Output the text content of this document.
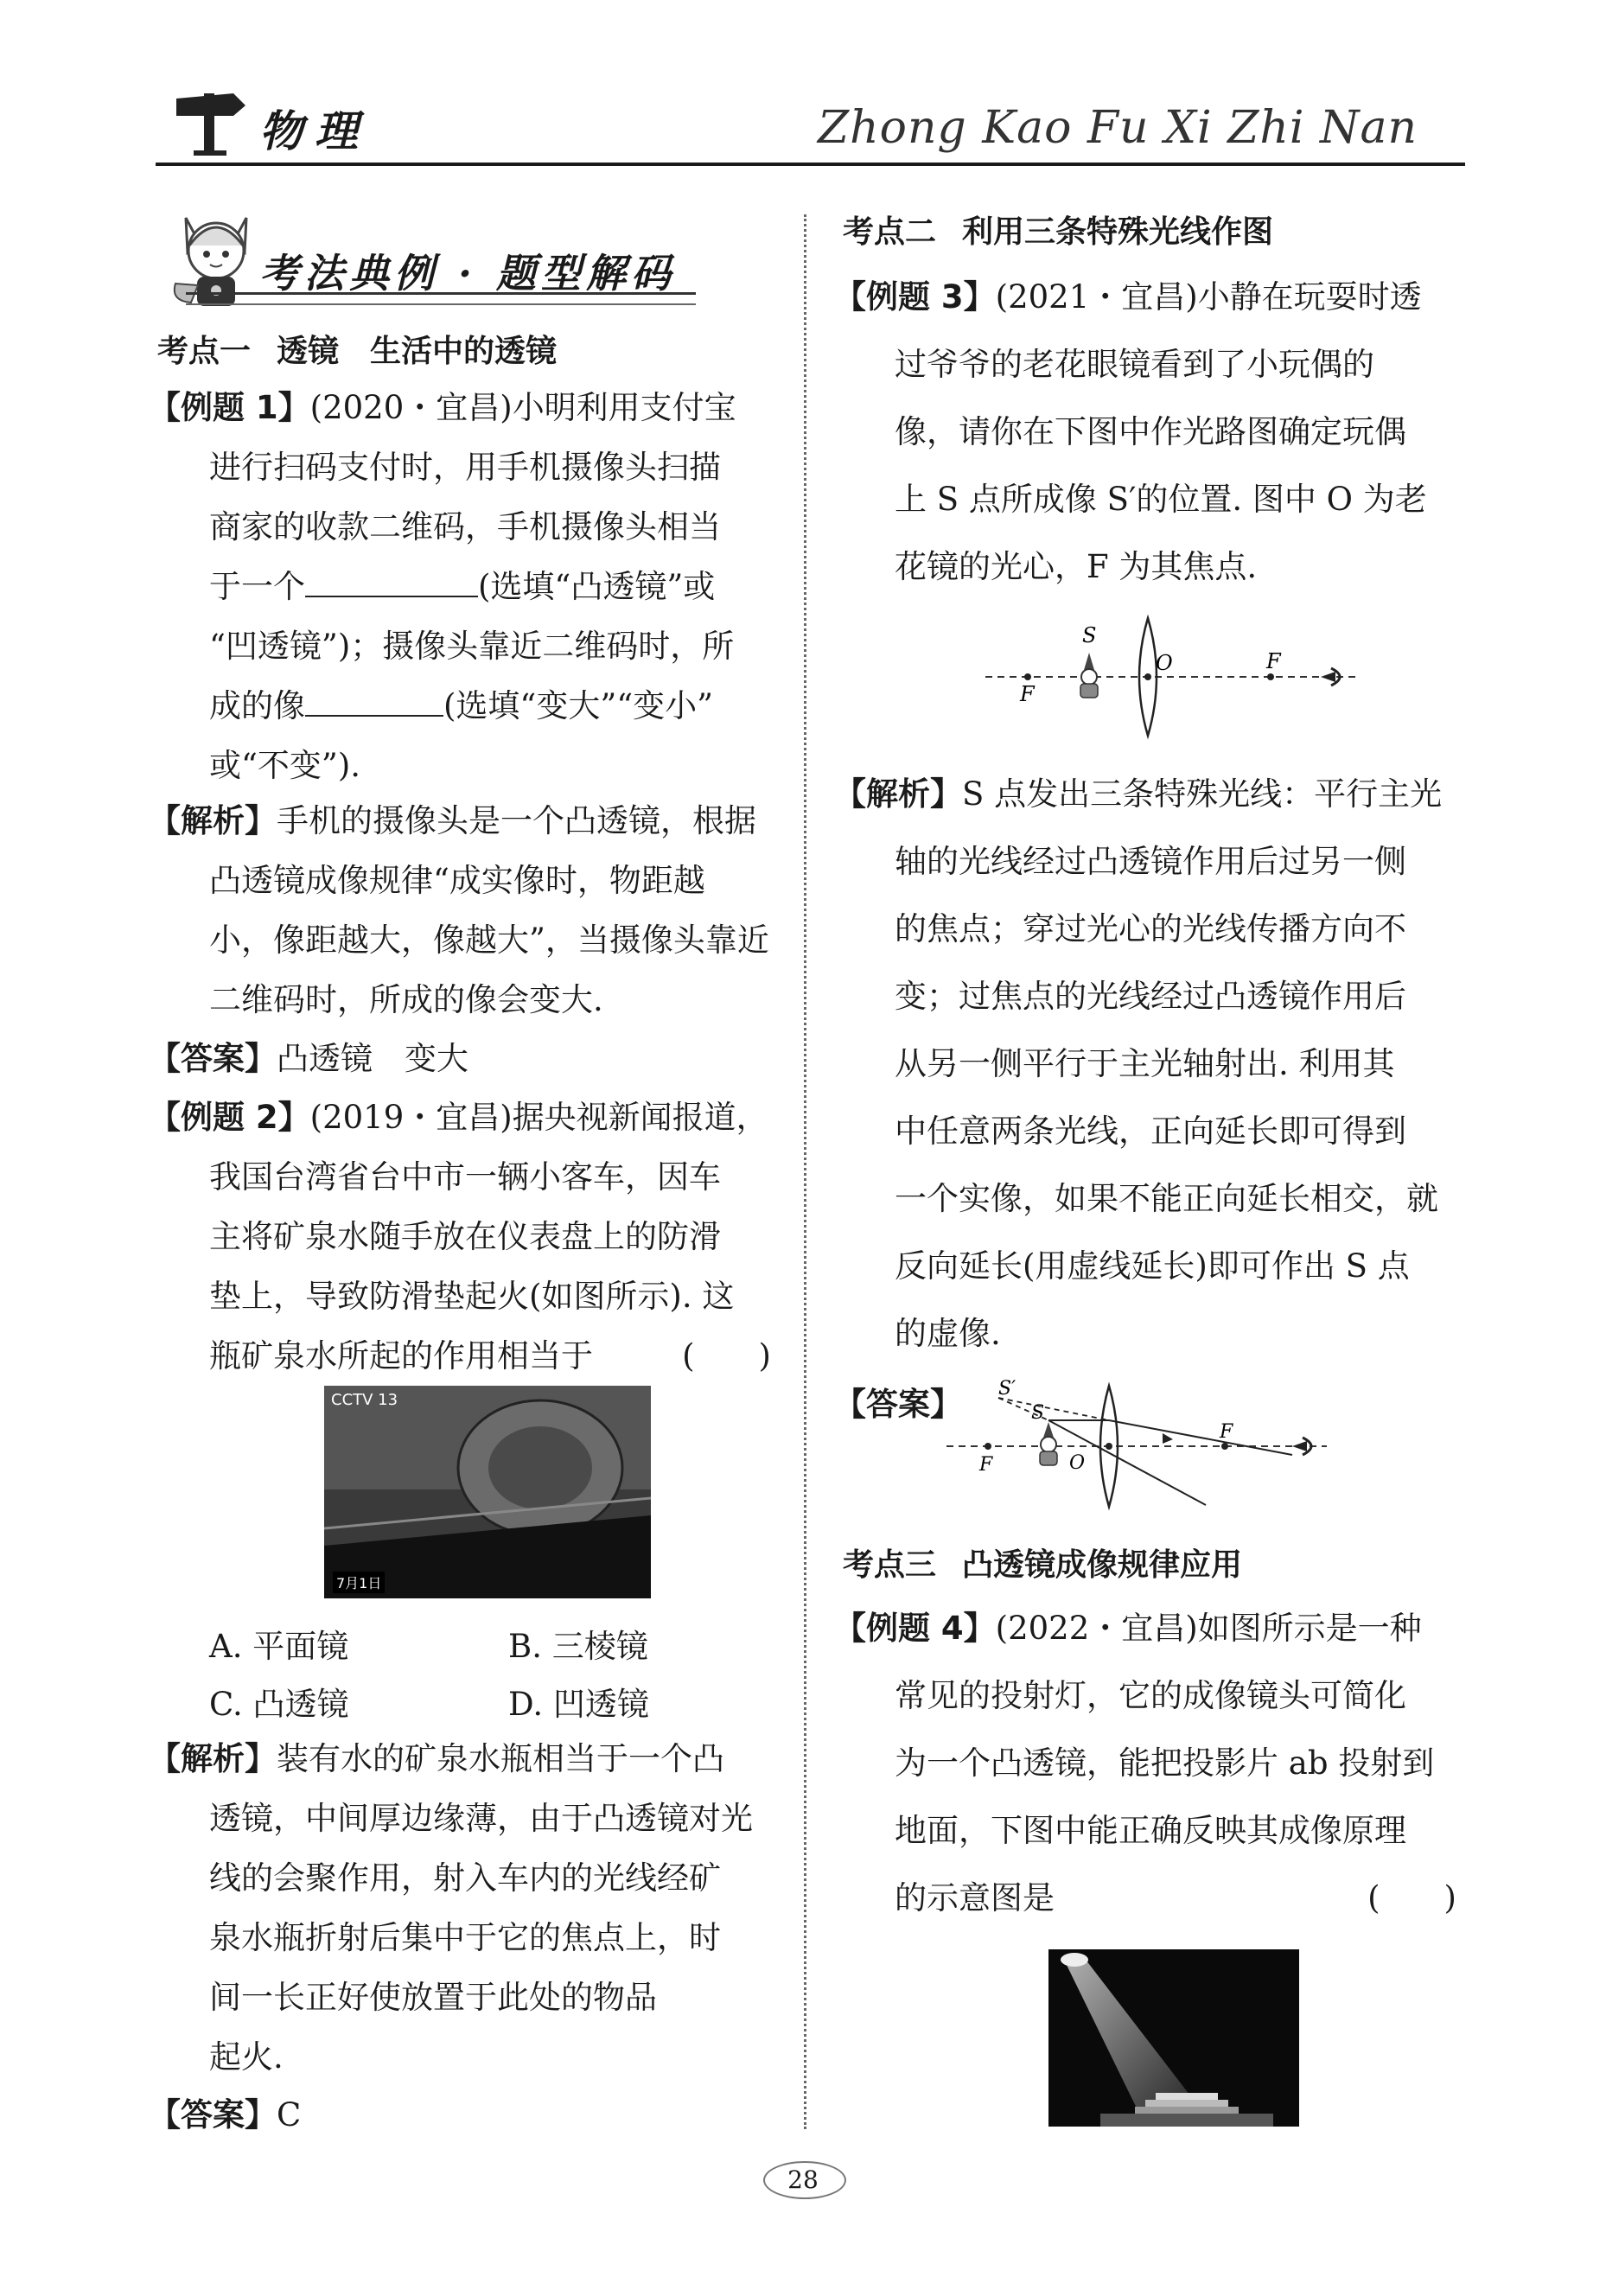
物理	Zhong Kao Fu Xi Zhi Nan
考法典例 · 题型解码
考点一 透镜　生活中的透镜
【例题 1】(2020・宜昌)小明利用支付宝
进行扫码支付时，用手机摄像头扫描
商家的收款二维码，手机摄像头相当
于一个	(选填“凸透镜”或
“凹透镜”)；摄像头靠近二维码时，所
成的像	(选填“变大”“变小”
或“不变”).
【解析】手机的摄像头是一个凸透镜，根据
凸透镜成像规律“成实像时，物距越
小，像距越大，像越大”，当摄像头靠近
二维码时，所成的像会变大.
【答案】凸透镜　变大
【例题 2】(2019・宜昌)据央视新闻报道，
我国台湾省台中市一辆小客车，因车
主将矿泉水随手放在仪表盘上的防滑
垫上，导致防滑垫起火(如图所示). 这
瓶矿泉水所起的作用相当于	(　　)
CCTV 13
7月1日
A. 平面镜	B. 三棱镜
C. 凸透镜	D. 凹透镜
【解析】装有水的矿泉水瓶相当于一个凸
透镜，中间厚边缘薄，由于凸透镜对光
线的会聚作用，射入车内的光线经矿
泉水瓶折射后集中于它的焦点上，时
间一长正好使放置于此处的物品
起火.
【答案】C
考点二 利用三条特殊光线作图
【例题 3】(2021・宜昌)小静在玩耍时透
过爷爷的老花眼镜看到了小玩偶的
像，请你在下图中作光路图确定玩偶
上 S 点所成像 S′的位置. 图中 O 为老
花镜的光心，F 为其焦点.
S
O
F
F
【解析】S 点发出三条特殊光线：平行主光
轴的光线经过凸透镜作用后过另一侧
的焦点；穿过光心的光线传播方向不
变；过焦点的光线经过凸透镜作用后
从另一侧平行于主光轴射出. 利用其
中任意两条光线，正向延长即可得到
一个实像，如果不能正向延长相交，就
反向延长(用虚线延长)即可作出 S 点
的虚像.
【答案】 S′
S
O
F
F
考点三 凸透镜成像规律应用
【例题 4】(2022・宜昌)如图所示是一种
常见的投射灯，它的成像镜头可简化
为一个凸透镜，能把投影片 ab 投射到
地面，下图中能正确反映其成像原理
的示意图是	(　　)
28
